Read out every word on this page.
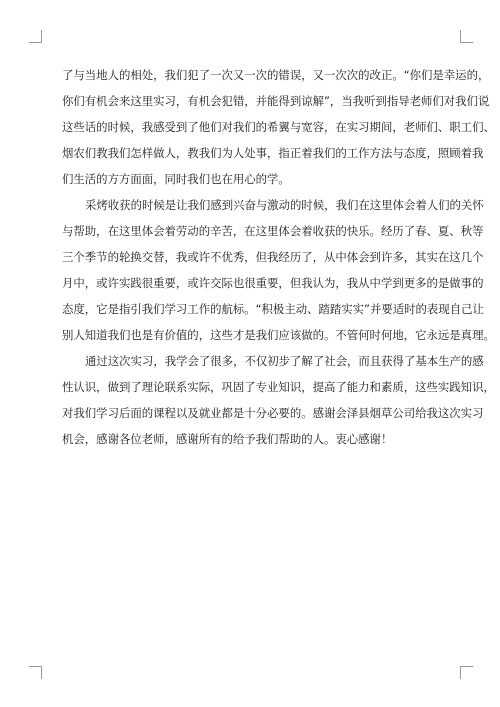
了与当地人的相处，我们犯了一次又一次的错误，又一次次的改正。“你们是幸运的，
你们有机会来这里实习，有机会犯错，并能得到谅解”，当我听到指导老师们对我们说
这些话的时候，我感受到了他们对我们的希翼与宽容，在实习期间，老师们、职工们、
烟农们教我们怎样做人，教我们为人处事，指正着我们的工作方法与态度，照顾着我
们生活的方方面面，同时我们也在用心的学。
采烤收获的时候是让我们感到兴奋与激动的时候，我们在这里体会着人们的关怀
与帮助，在这里体会着劳动的辛苦，在这里体会着收获的快乐。经历了春、夏、秋等
三个季节的轮换交替，我或许不优秀，但我经历了，从中体会到许多，其实在这几个
月中，或许实践很重要，或许交际也很重要，但我认为，我从中学到更多的是做事的
态度，它是指引我们学习工作的航标。“积极主动、踏踏实实”并要适时的表现自己让
别人知道我们也是有价值的，这些才是我们应该做的。不管何时何地，它永远是真理。
通过这次实习，我学会了很多，不仅初步了解了社会，而且获得了基本生产的感
性认识，做到了理论联系实际，巩固了专业知识，提高了能力和素质，这些实践知识，
对我们学习后面的课程以及就业都是十分必要的。感谢会泽县烟草公司给我这次实习
机会，感谢各位老师，感谢所有的给予我们帮助的人。衷心感谢！
